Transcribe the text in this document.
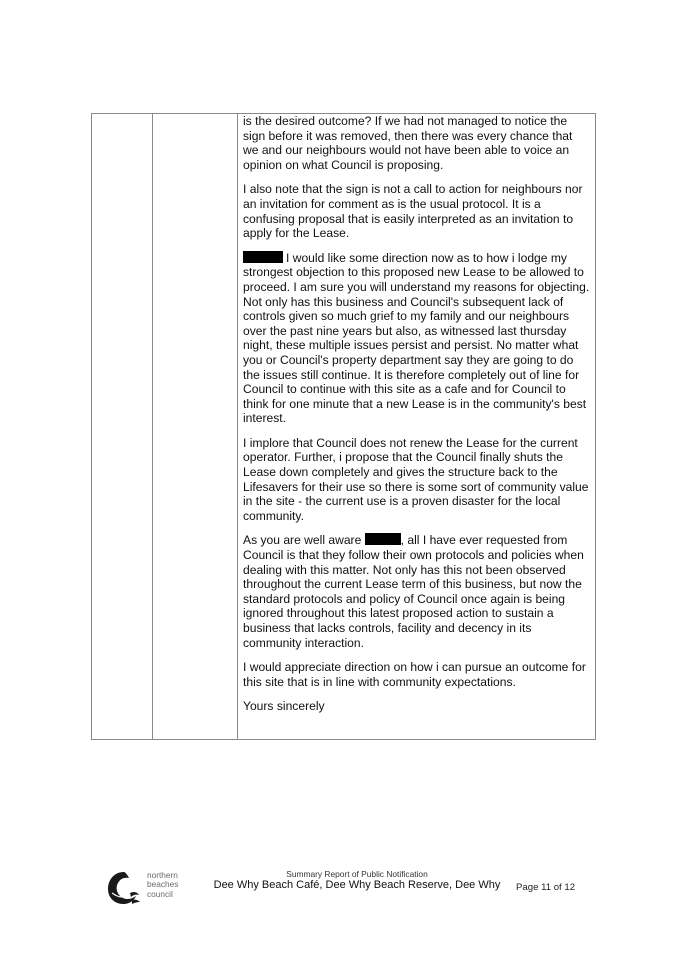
is the desired outcome? If we had not managed to notice the sign before it was removed, then there was every chance that we and our neighbours would not have been able to voice an opinion on what Council is proposing.

I also note that the sign is not a call to action for neighbours nor an invitation for comment as is the usual protocol. It is a confusing proposal that is easily interpreted as an invitation to apply for the Lease.

I would like some direction now as to how i lodge my strongest objection to this proposed new Lease to be allowed to proceed. I am sure you will understand my reasons for objecting. Not only has this business and Council's subsequent lack of controls given so much grief to my family and our neighbours over the past nine years but also, as witnessed last thursday night, these multiple issues persist and persist. No matter what you or Council's property department say they are going to do the issues still continue. It is therefore completely out of line for Council to continue with this site as a cafe and for Council to think for one minute that a new Lease is in the community's best interest.

I implore that Council does not renew the Lease for the current operator. Further, i propose that the Council finally shuts the Lease down completely and gives the structure back to the Lifesavers for their use so there is some sort of community value in the site - the current use is a proven disaster for the local community.

As you are well aware	, all I have ever requested from Council is that they follow their own protocols and policies when dealing with this matter. Not only has this not been observed throughout the current Lease term of this business, but now the standard protocols and policy of Council once again is being ignored throughout this latest proposed action to sustain a business that lacks controls, facility and decency in its community interaction.

I would appreciate direction on how i can pursue an outcome for this site that is in line with community expectations.

Yours sincerely

northern
beaches
council
Summary Report of Public Notification
Dee Why Beach Café, Dee Why Beach Reserve, Dee Why Page 11 of 12
